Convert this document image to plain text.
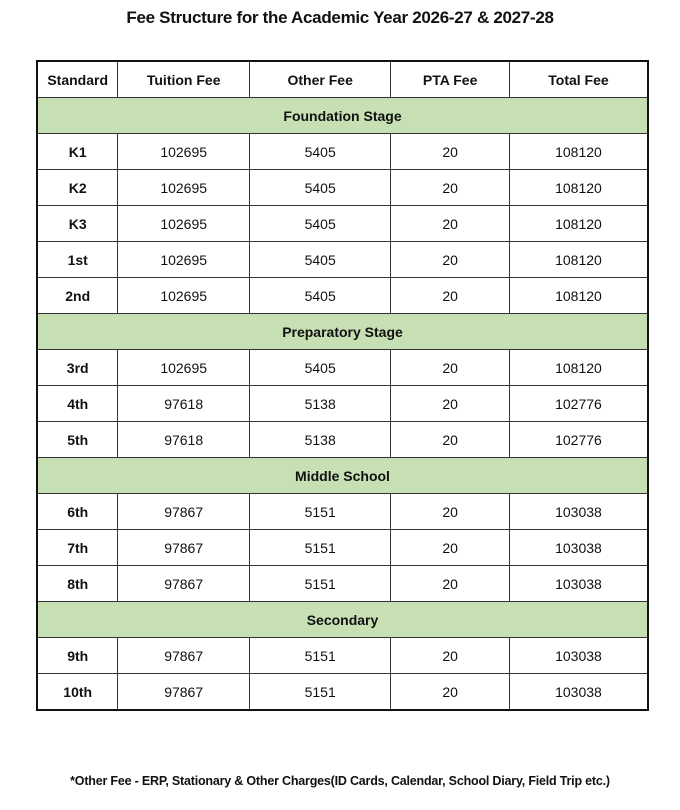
Fee Structure for the Academic Year 2026-27 & 2027-28
Standard	Tuition Fee	Other Fee	PTA Fee	Total Fee
Foundation Stage				
K1	102695	5405	20	108120
K2	102695	5405	20	108120
K3	102695	5405	20	108120
1st	102695	5405	20	108120
2nd	102695	5405	20	108120
Preparatory Stage				
3rd	102695	5405	20	108120
4th	97618	5138	20	102776
5th	97618	5138	20	102776
Middle School				
6th	97867	5151	20	103038
7th	97867	5151	20	103038
8th	97867	5151	20	103038
Secondary				
9th	97867	5151	20	103038
10th	97867	5151	20	103038
*Other Fee - ERP, Stationary & Other Charges(ID Cards, Calendar, School Diary, Field Trip etc.)
